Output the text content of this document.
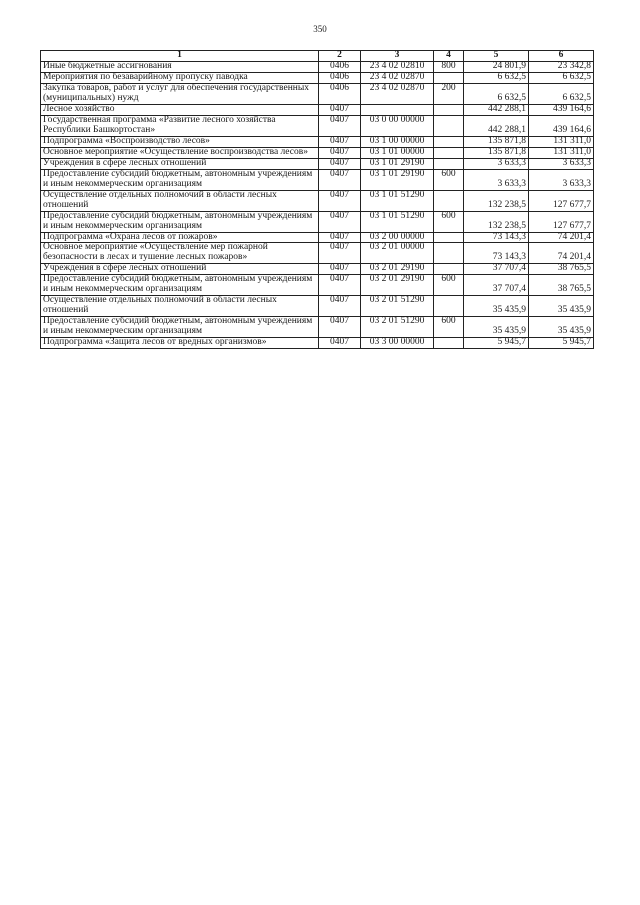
350
1	2	3	4	5	6
Иные бюджетные ассигнования	0406	23 4 02 02810	800	24 801,9	23 342,8
Мероприятия по безаварийному пропуску паводка	0406	23 4 02 02870		6 632,5	6 632,5
Закупка товаров, работ и услуг для обеспечения государственных (муниципальных) нужд	0406	23 4 02 02870	200	6 632,5	6 632,5
Лесное хозяйство	0407			442 288,1	439 164,6
Государственная программа «Развитие лесного хозяйства Республики Башкортостан»	0407	03 0 00 00000		442 288,1	439 164,6
Подпрограмма «Воспроизводство лесов»	0407	03 1 00 00000		135 871,8	131 311,0
Основное мероприятие «Осуществление воспроизводства лесов»	0407	03 1 01 00000		135 871,8	131 311,0
Учреждения в сфере лесных отношений	0407	03 1 01 29190		3 633,3	3 633,3
Предоставление субсидий бюджетным, автономным учреждениям и иным некоммерческим организациям	0407	03 1 01 29190	600	3 633,3	3 633,3
Осуществление отдельных полномочий в области лесных отношений	0407	03 1 01 51290		132 238,5	127 677,7
Предоставление субсидий бюджетным, автономным учреждениям и иным некоммерческим организациям	0407	03 1 01 51290	600	132 238,5	127 677,7
Подпрограмма «Охрана лесов от пожаров»	0407	03 2 00 00000		73 143,3	74 201,4
Основное мероприятие «Осуществление мер пожарной безопасности в лесах и тушение лесных пожаров»	0407	03 2 01 00000		73 143,3	74 201,4
Учреждения в сфере лесных отношений	0407	03 2 01 29190		37 707,4	38 765,5
Предоставление субсидий бюджетным, автономным учреждениям и иным некоммерческим организациям	0407	03 2 01 29190	600	37 707,4	38 765,5
Осуществление отдельных полномочий в области лесных отношений	0407	03 2 01 51290		35 435,9	35 435,9
Предоставление субсидий бюджетным, автономным учреждениям и иным некоммерческим организациям	0407	03 2 01 51290	600	35 435,9	35 435,9
Подпрограмма «Защита лесов от вредных организмов»	0407	03 3 00 00000		5 945,7	5 945,7
